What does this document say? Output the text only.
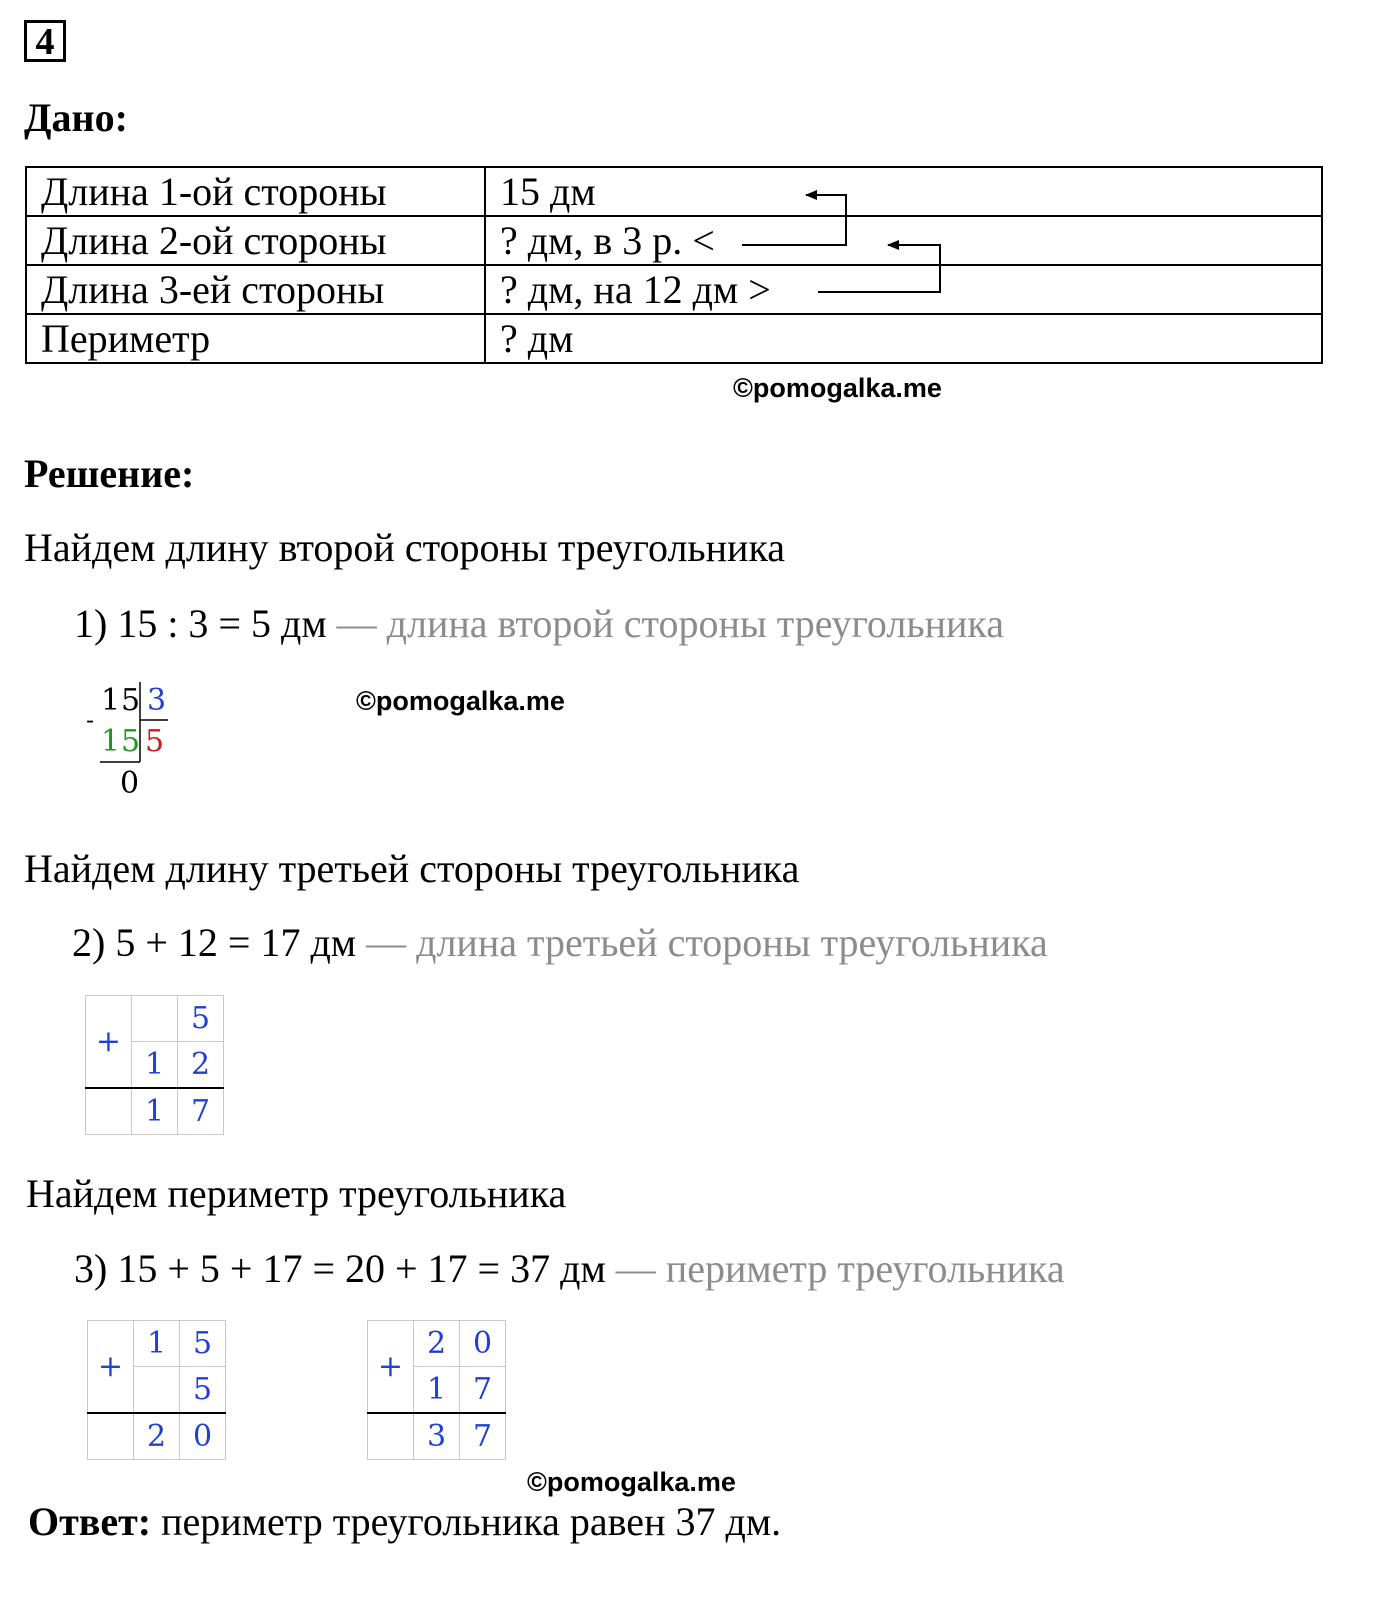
4
Дано:
Длина 1-ой стороны	15 дм
Длина 2-ой стороны	? дм, в 3 р. <
Длина 3-ей стороны	? дм, на 12 дм >
Периметр	? дм
©pomogalka.me
Решение:
Найдем длину второй стороны треугольника
1) 15 : 3 = 5 дм — длина второй стороны треугольника
1 5 3
-
1 5 5
0
©pomogalka.me
Найдем длину третьей стороны треугольника
2) 5 + 12 = 17 дм — длина третьей стороны треугольника
+		5
	1	2
	1	7
Найдем периметр треугольника
3) 15 + 5 + 17 = 20 + 17 = 37 дм — периметр треугольника
+	1	5
		5
	2	0
+	2	0
	1	7
	3	7
©pomogalka.me
Ответ: периметр треугольника равен 37 дм.
